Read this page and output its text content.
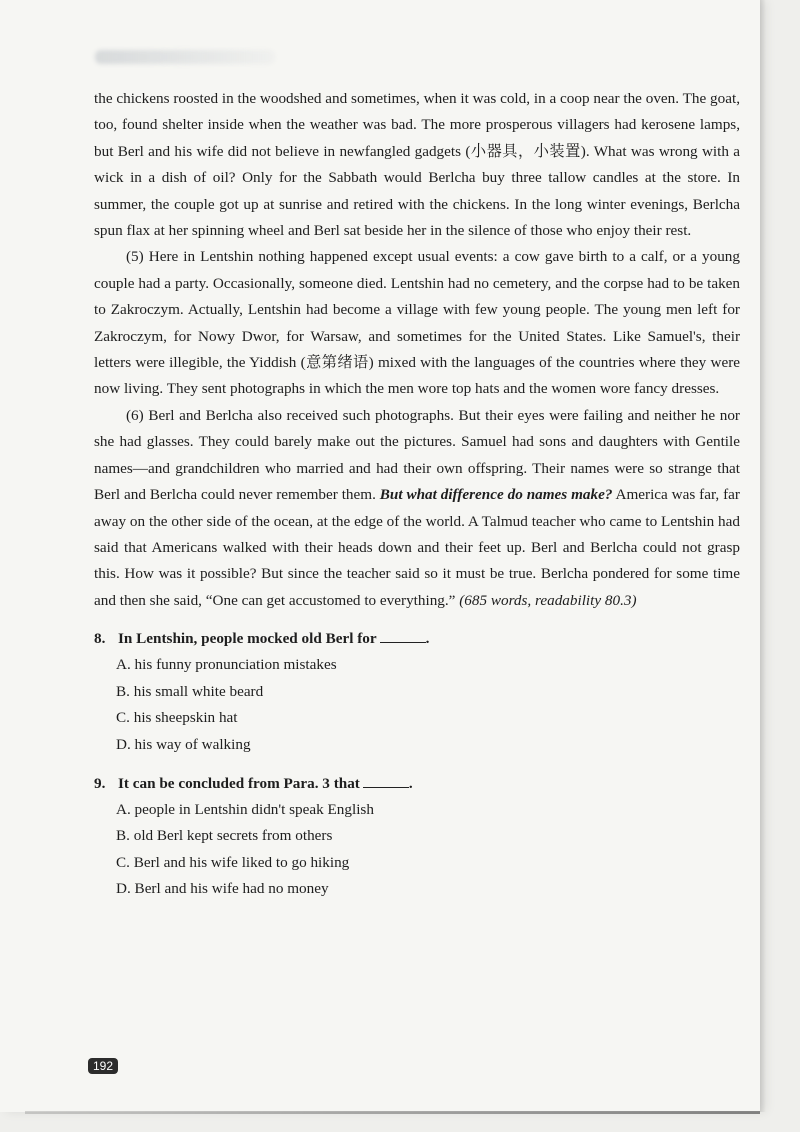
the chickens roosted in the woodshed and sometimes, when it was cold, in a coop near the oven. The goat, too, found shelter inside when the weather was bad. The more prosperous villagers had kerosene lamps, but Berl and his wife did not believe in newfangled gadgets (小器具，小装置). What was wrong with a wick in a dish of oil? Only for the Sabbath would Berlcha buy three tallow candles at the store. In summer, the couple got up at sunrise and retired with the chickens. In the long winter evenings, Berlcha spun flax at her spinning wheel and Berl sat beside her in the silence of those who enjoy their rest.

(5) Here in Lentshin nothing happened except usual events: a cow gave birth to a calf, or a young couple had a party. Occasionally, someone died. Lentshin had no cemetery, and the corpse had to be taken to Zakroczym. Actually, Lentshin had become a village with few young people. The young men left for Zakroczym, for Nowy Dwor, for Warsaw, and sometimes for the United States. Like Samuel's, their letters were illegible, the Yiddish (意第绪语) mixed with the languages of the countries where they were now living. They sent photographs in which the men wore top hats and the women wore fancy dresses.

(6) Berl and Berlcha also received such photographs. But their eyes were failing and neither he nor she had glasses. They could barely make out the pictures. Samuel had sons and daughters with Gentile names—and grandchildren who married and had their own offspring. Their names were so strange that Berl and Berlcha could never remember them. But what difference do names make? America was far, far away on the other side of the ocean, at the edge of the world. A Talmud teacher who came to Lentshin had said that Americans walked with their heads down and their feet up. Berl and Berlcha could not grasp this. How was it possible? But since the teacher said so it must be true. Berlcha pondered for some time and then she said, “One can get accustomed to everything.” (685 words, readability 80.3)

8. In Lentshin, people mocked old Berl for	.

A. his funny pronunciation mistakes

B. his small white beard

C. his sheepskin hat

D. his way of walking

9. It can be concluded from Para. 3 that	.

A. people in Lentshin didn't speak English

B. old Berl kept secrets from others

C. Berl and his wife liked to go hiking

D. Berl and his wife had no money

192
